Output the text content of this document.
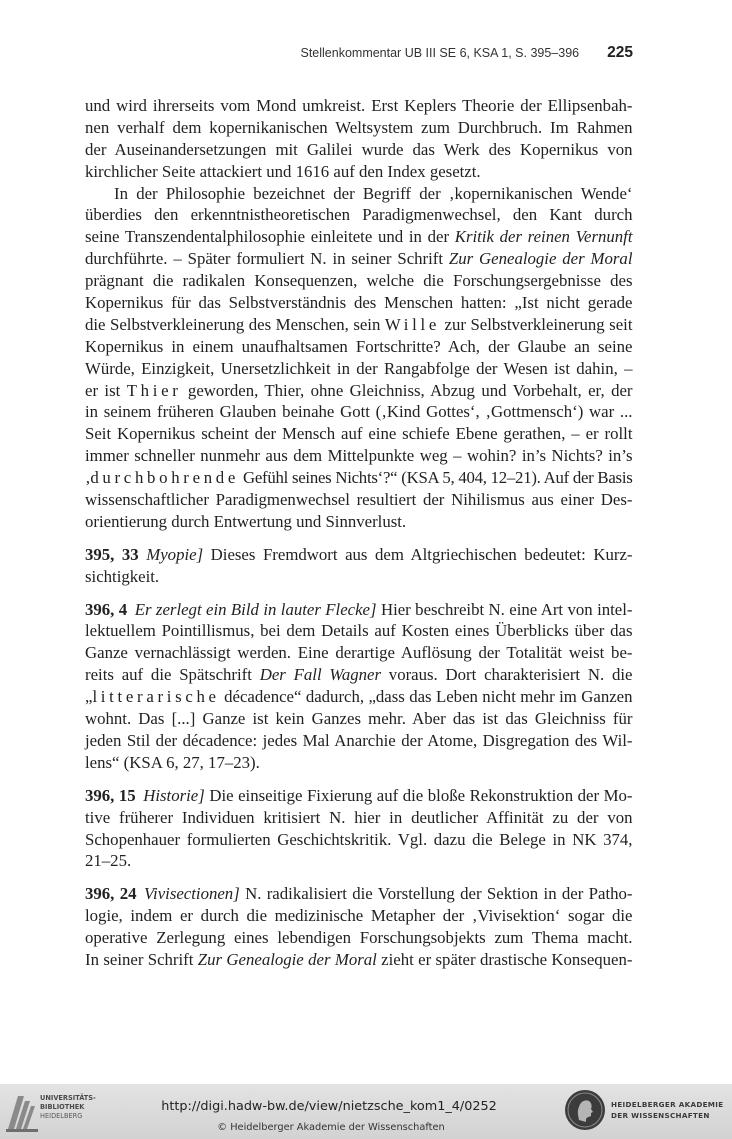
Stellenkommentar UB III SE 6, KSA 1, S. 395–396 225
und wird ihrerseits vom Mond umkreist. Erst Keplers Theorie der Ellipsenbah-
nen verhalf dem kopernikanischen Weltsystem zum Durchbruch. Im Rahmen
der Auseinandersetzungen mit Galilei wurde das Werk des Kopernikus von
kirchlicher Seite attackiert und 1616 auf den Index gesetzt.
In der Philosophie bezeichnet der Begriff der ‚kopernikanischen Wende‘
überdies den erkenntnistheoretischen Paradigmenwechsel, den Kant durch
seine Transzendentalphilosophie einleitete und in der Kritik der reinen Vernunft
durchführte. – Später formuliert N. in seiner Schrift Zur Genealogie der Moral
prägnant die radikalen Konsequenzen, welche die Forschungsergebnisse des
Kopernikus für das Selbstverständnis des Menschen hatten: „Ist nicht gerade
die Selbstverkleinerung des Menschen, sein Wille zur Selbstverkleinerung seit
Kopernikus in einem unaufhaltsamen Fortschritte? Ach, der Glaube an seine
Würde, Einzigkeit, Unersetzlichkeit in der Rangabfolge der Wesen ist dahin, –
er ist Thier geworden, Thier, ohne Gleichniss, Abzug und Vorbehalt, er, der
in seinem früheren Glauben beinahe Gott (‚Kind Gottes‘, ‚Gottmensch‘) war ...
Seit Kopernikus scheint der Mensch auf eine schiefe Ebene gerathen, – er rollt
immer schneller nunmehr aus dem Mittelpunkte weg – wohin? in’s Nichts? in’s
‚durchbohrende Gefühl seines Nichts‘?“ (KSA 5, 404, 12–21). Auf der Basis
wissenschaftlicher Paradigmenwechsel resultiert der Nihilismus aus einer Des-
orientierung durch Entwertung und Sinnverlust.
395, 33 Myopie] Dieses Fremdwort aus dem Altgriechischen bedeutet: Kurz-
sichtigkeit.
396, 4 Er zerlegt ein Bild in lauter Flecke] Hier beschreibt N. eine Art von intel-
lektuellem Pointillismus, bei dem Details auf Kosten eines Überblicks über das
Ganze vernachlässigt werden. Eine derartige Auflösung der Totalität weist be-
reits auf die Spätschrift Der Fall Wagner voraus. Dort charakterisiert N. die
„litterarische décadence“ dadurch, „dass das Leben nicht mehr im Ganzen
wohnt. Das [...] Ganze ist kein Ganzes mehr. Aber das ist das Gleichniss für
jeden Stil der décadence: jedes Mal Anarchie der Atome, Disgregation des Wil-
lens“ (KSA 6, 27, 17–23).
396, 15 Historie] Die einseitige Fixierung auf die bloße Rekonstruktion der Mo-
tive früherer Individuen kritisiert N. hier in deutlicher Affinität zu der von
Schopenhauer formulierten Geschichtskritik. Vgl. dazu die Belege in NK 374,
21–25.
396, 24 Vivisectionen] N. radikalisiert die Vorstellung der Sektion in der Patho-
logie, indem er durch die medizinische Metapher der ‚Vivisektion‘ sogar die
operative Zerlegung eines lebendigen Forschungsobjekts zum Thema macht.
In seiner Schrift Zur Genealogie der Moral zieht er später drastische Konsequen-
UNIVERSITÄTS-
BIBLIOTHEK
HEIDELBERG
http://digi.hadw-bw.de/view/nietzsche_kom1_4/0252
© Heidelberger Akademie der Wissenschaften
HEIDELBERGER AKADEMIE
DER WISSENSCHAFTEN
